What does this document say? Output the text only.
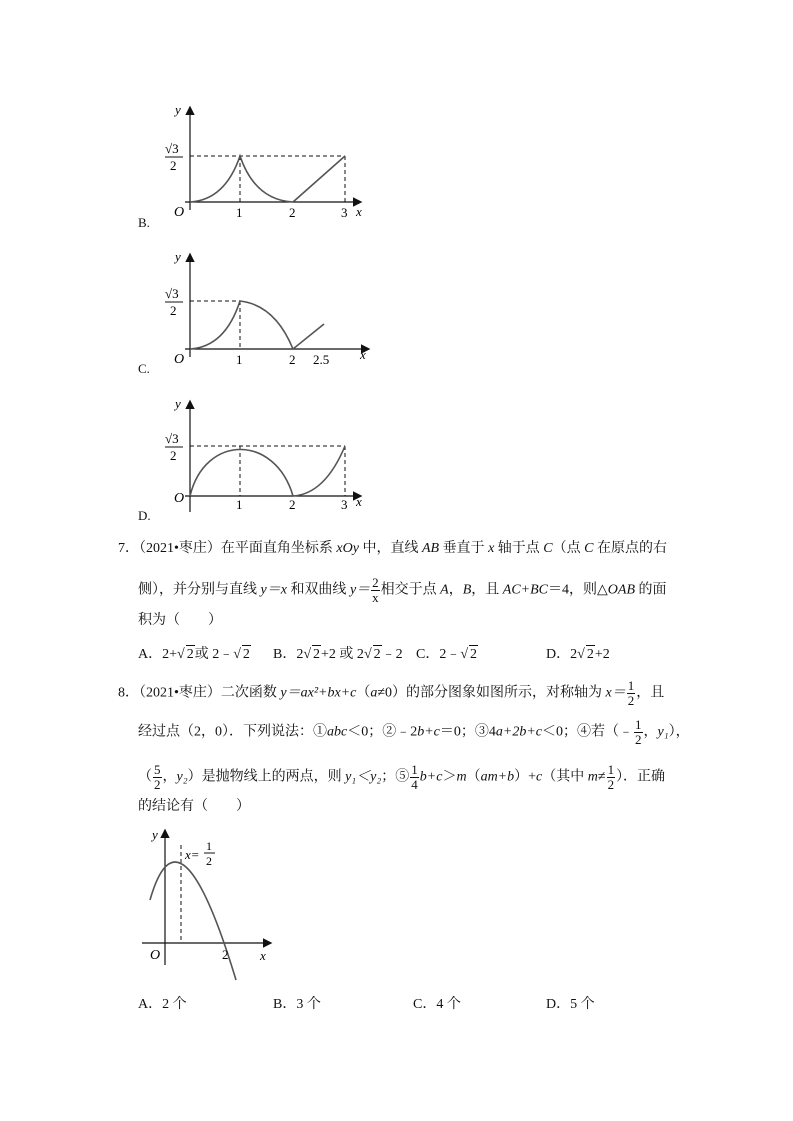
y
x
O	1	2	3
√3
2
B.
y
x
O	1	2 2.5
√3
2
C.
y
x
O	1	2	3
√3
2
D.
7．（2021•枣庄）在平面直角坐标系 xOy 中，直线 AB 垂直于 x 轴于点 C（点 C 在原点的右
侧），并分别与直线 y＝x 和双曲线 $y= \frac{2}{x}$ 相交于点 A，B，且 AC+BC＝4，则△OAB 的面
积为（　　）
A．2+ √ 2或 2﹣ √ 2 B．2 √ 2+2 或 2 √ 2﹣2 C．2﹣ √ 2	D．2 √ 2+2
8．（2021•枣庄）二次函数 y＝ax²+bx+c（a≠0）的部分图象如图所示，对称轴为 $x= \frac{1}{2}$ ，且
经过点（2，0）．下列说法：①abc＜0；②﹣2b+c＝0；③4a+2b+c＜0；④若（﹣ $\frac{1}{2}$ ，y₁），
（ $\frac{5}{2}$ ，y₂）是抛物线上的两点，则 y₁＜y₂；⑤ $\frac{1}{4} b+c>m(am+b)+c$（其中 $m\ne \frac{1}{2}$ ）．正确
的结论有（　　）
y
x
O	2
x=
1
2
A．2 个	B．3 个	C．4 个	D．5 个
